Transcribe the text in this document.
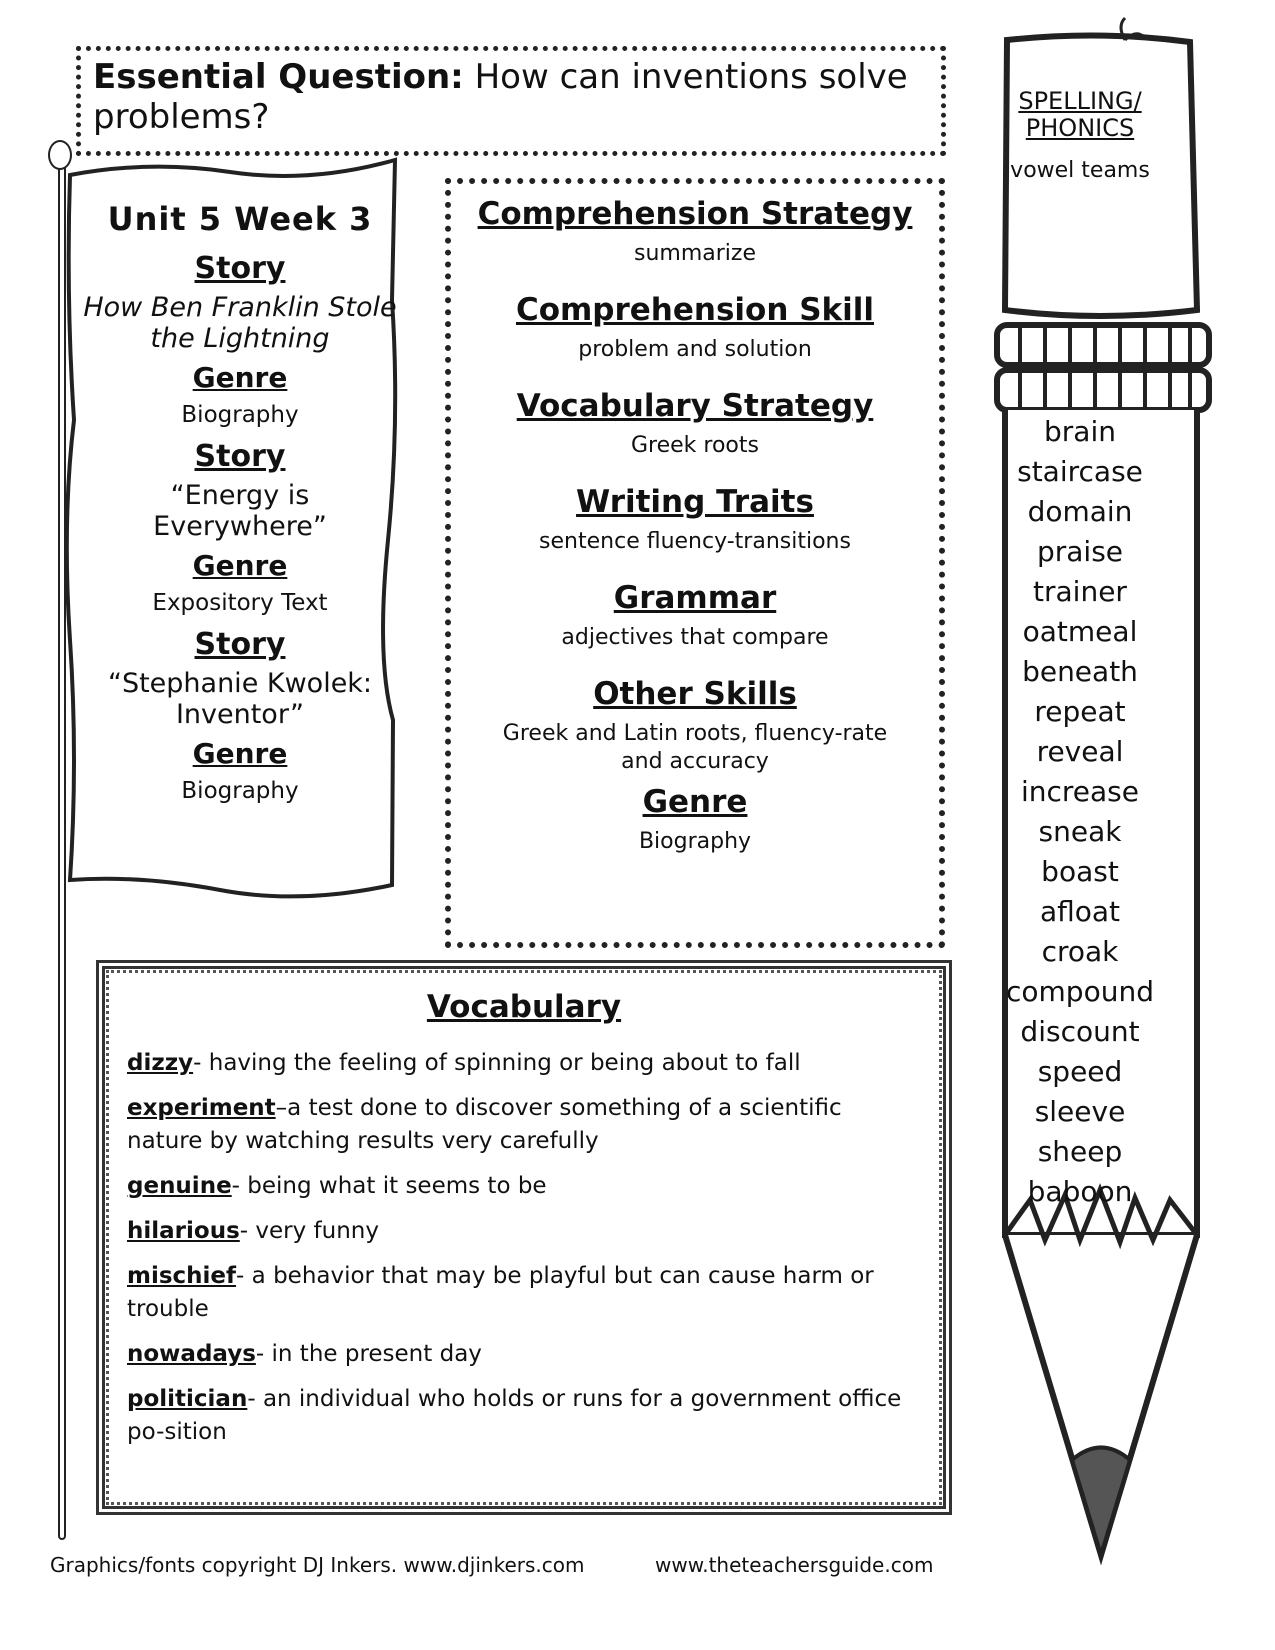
Essential Question: How can inventions solve problems?

Unit 5 Week 3

Story

How Ben Franklin Stole the Lightning

Genre

Biography

Story

“Energy is Everywhere”

Genre

Expository Text

Story

“Stephanie Kwolek: Inventor”

Genre

Biography

Comprehension Strategy

summarize

Comprehension Skill

problem and solution

Vocabulary Strategy

Greek roots

Writing Traits

sentence fluency-transitions

Grammar

adjectives that compare

Other Skills

Greek and Latin roots, fluency-rate and accuracy

Genre

Biography

Vocabulary

dizzy- having the feeling of spinning or being about to fall

experiment–a test done to discover something of a scientific nature by watching results very carefully

genuine- being what it seems to be

hilarious- very funny

mischief- a behavior that may be playful but can cause harm or trouble

nowadays- in the present day

politician- an individual who holds or runs for a government office po-sition

SPELLING/
PHONICS
vowel teams
brain
staircase
domain
praise
trainer
oatmeal
beneath
repeat
reveal
increase
sneak
boast
afloat
croak
compound
discount
speed
sleeve
sheep
baboon
Graphics/fonts copyright DJ Inkers. www.djinkers.com	www.theteachersguide.com
